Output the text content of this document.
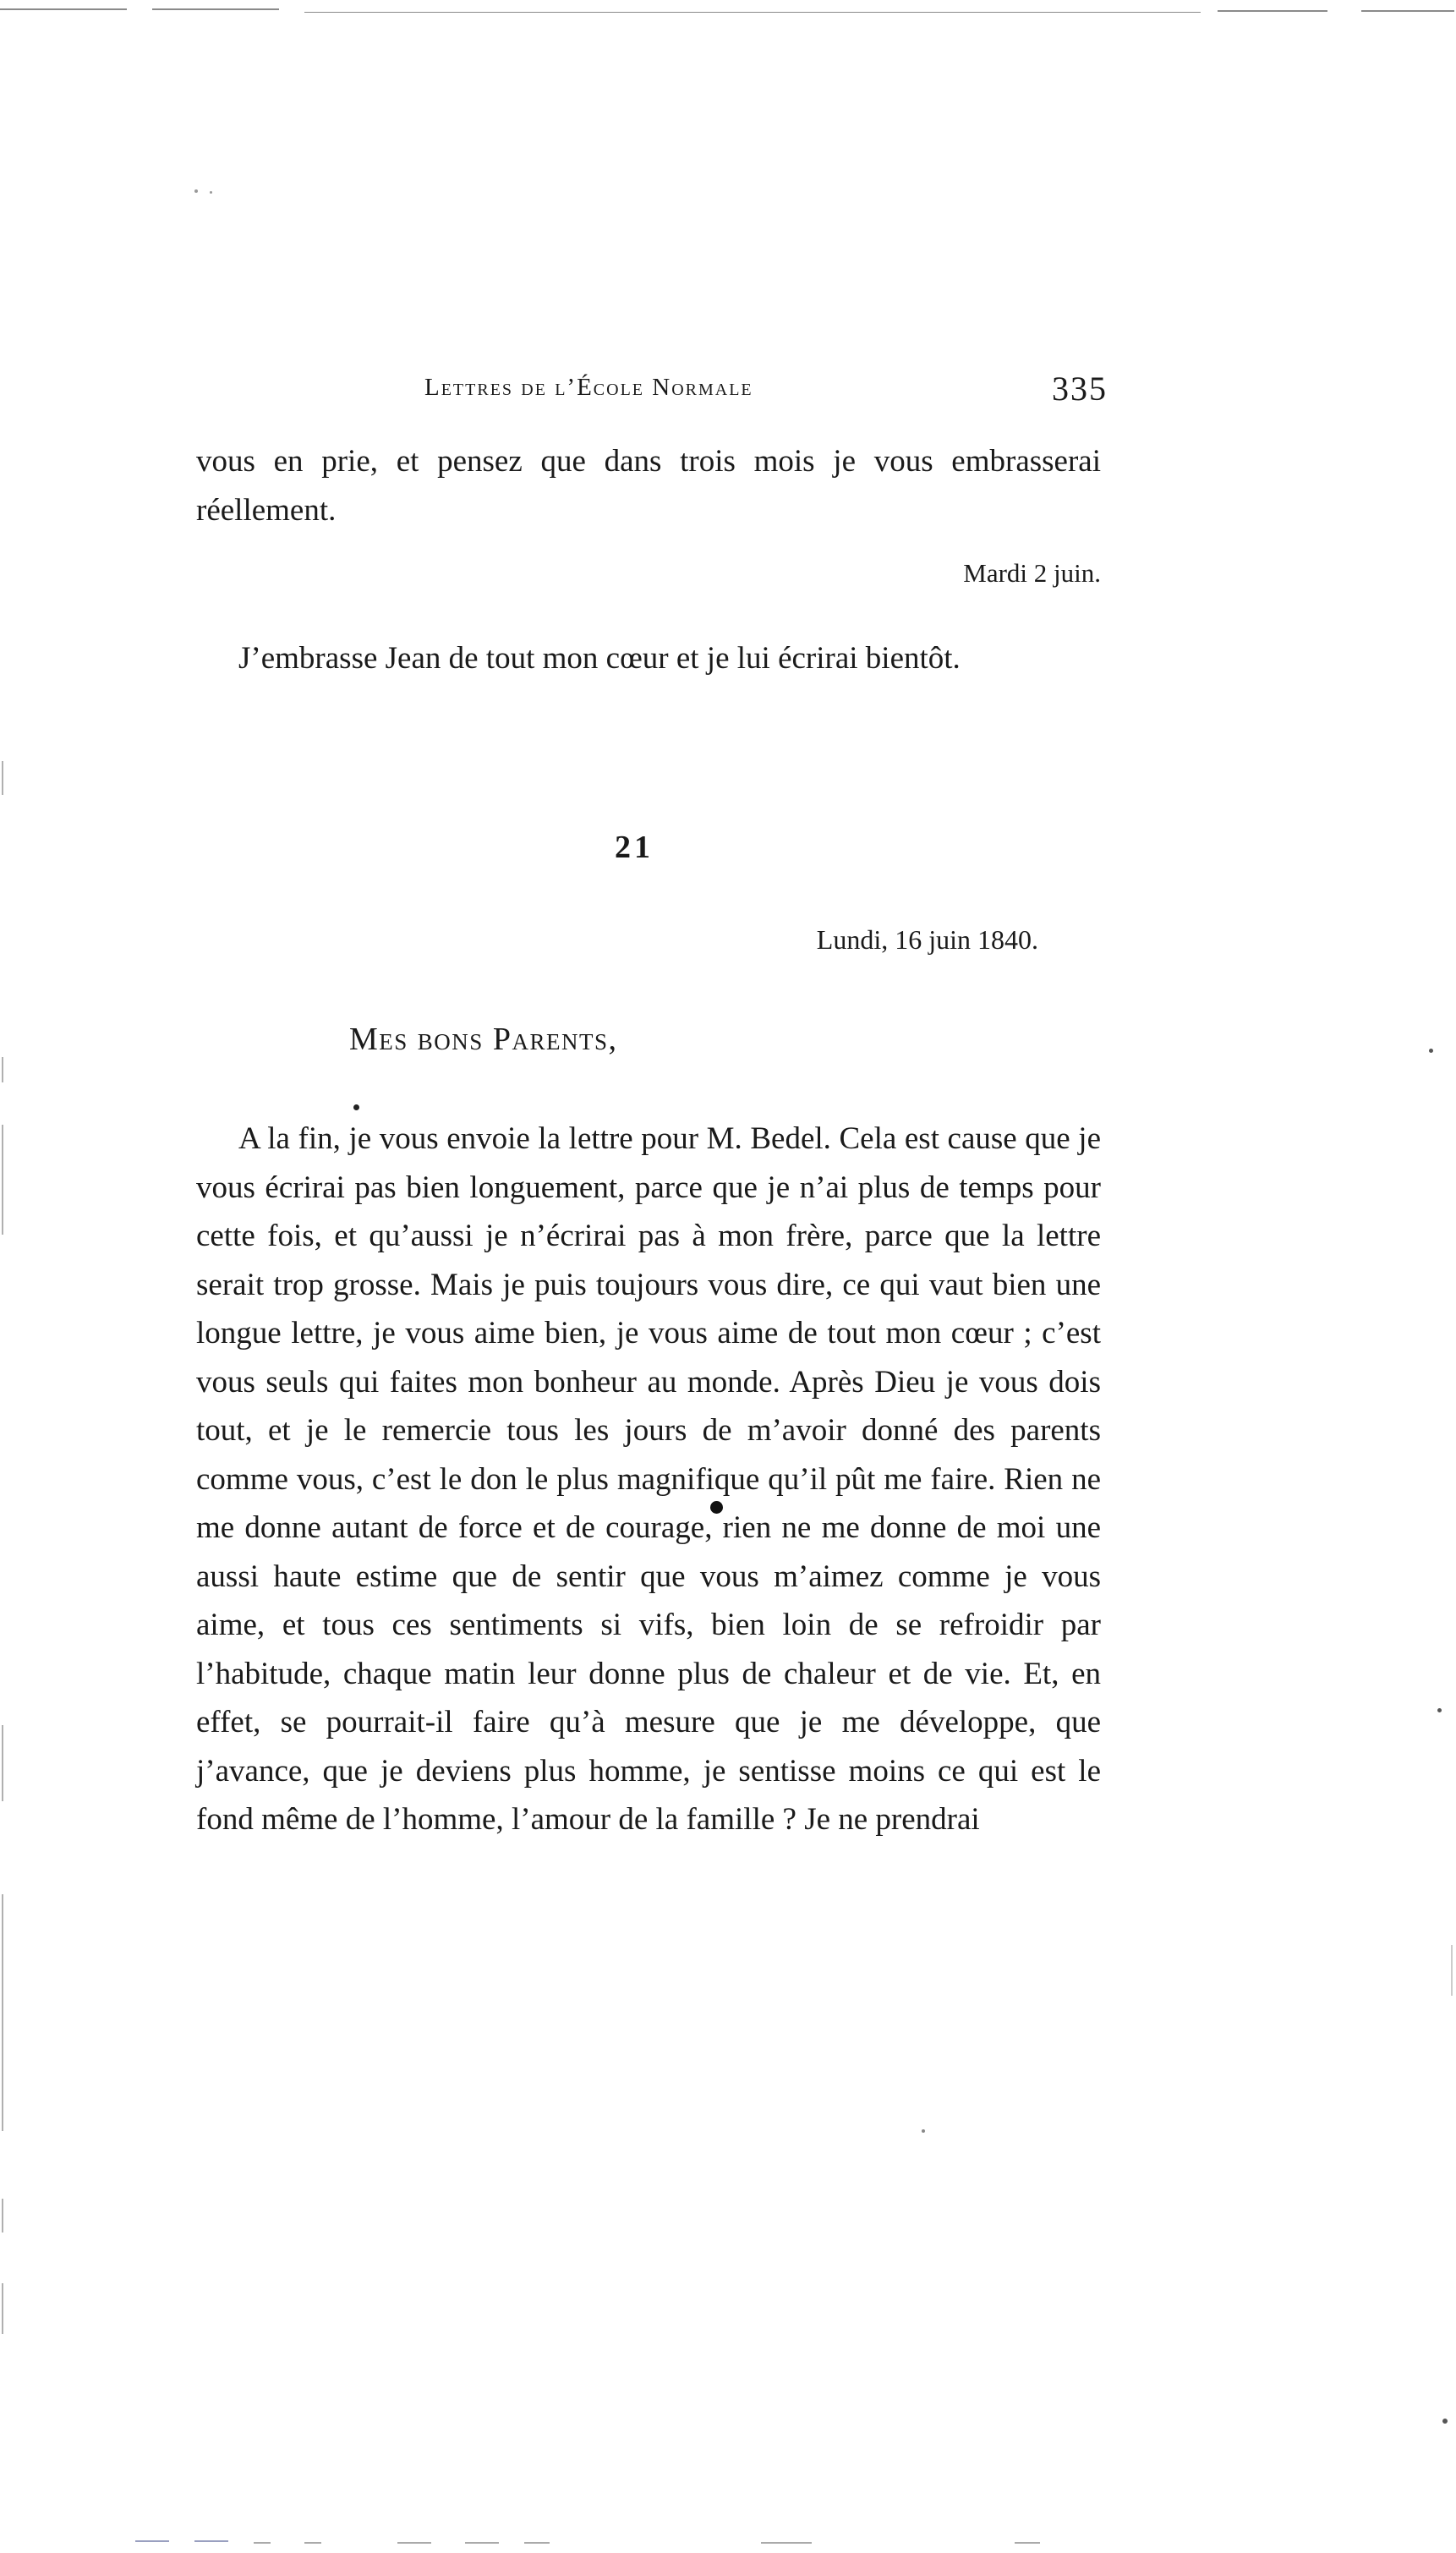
Lettres de l’École Normale	335

vous en prie, et pensez que dans trois mois je vous embrasserai réellement.

Mardi 2 juin.

J’embrasse Jean de tout mon cœur et je lui écrirai bientôt.

21
Lundi, 16 juin 1840.
Mes bons Parents,

A la fin, je vous envoie la lettre pour M. Bedel. Cela est cause que je vous écrirai pas bien longuement, parce que je n’ai plus de temps pour cette fois, et qu’aussi je n’écrirai pas à mon frère, parce que la lettre serait trop grosse. Mais je puis toujours vous dire, ce qui vaut bien une longue lettre, je vous aime bien, je vous aime de tout mon cœur ; c’est vous seuls qui faites mon bonheur au monde. Après Dieu je vous dois tout, et je le remercie tous les jours de m’avoir donné des parents comme vous, c’est le don le plus magnifique qu’il pût me faire. Rien ne me donne autant de force et de courage, rien ne me donne de moi une aussi haute estime que de sentir que vous m’aimez comme je vous aime, et tous ces sentiments si vifs, bien loin de se refroidir par l’habitude, chaque matin leur donne plus de chaleur et de vie. Et, en effet, se pourrait-il faire qu’à mesure que je me développe, que j’avance, que je deviens plus homme, je sentisse moins ce qui est le fond même de l’homme, l’amour de la famille ? Je ne prendrai
